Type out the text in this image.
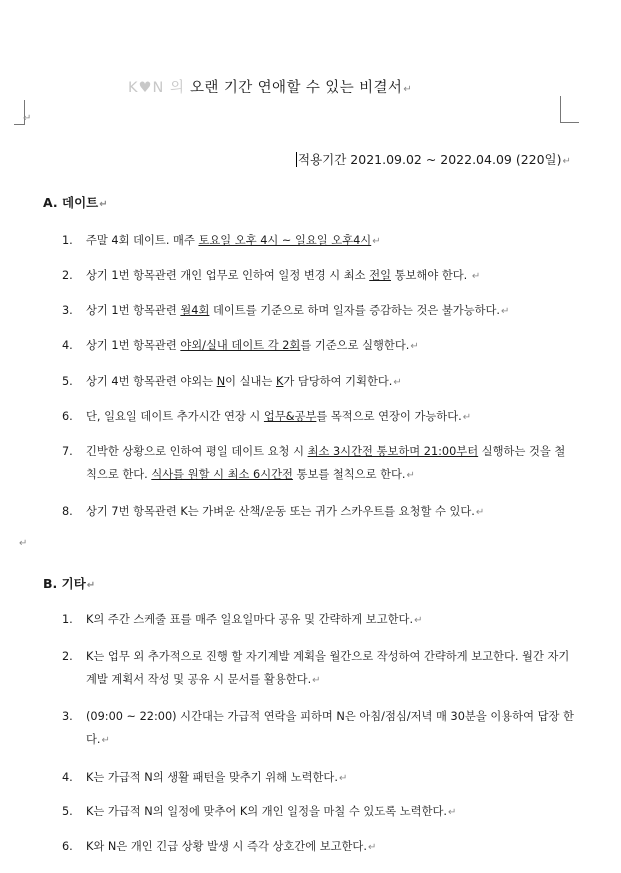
K♥N 의 오랜 기간 연애할 수 있는 비결서↵
↵
적용기간 2021.09.02 ~ 2022.04.09 (220일)↵
A. 데이트↵
1. 주말 4회 데이트. 매주 토요일 오후 4시 ~ 일요일 오후4시↵
2. 상기 1번 항목관련 개인 업무로 인하여 일정 변경 시 최소 전일 통보해야 한다. ↵
3. 상기 1번 항목관련 월4회 데이트를 기준으로 하며 일자를 증감하는 것은 불가능하다.↵
4. 상기 1번 항목관련 야외/실내 데이트 각 2회를 기준으로 실행한다.↵
5. 상기 4번 항목관련 야외는 N이 실내는 K가 담당하여 기획한다.↵
6. 단, 일요일 데이트 추가시간 연장 시 업무&공부를 목적으로 연장이 가능하다.↵
7. 긴박한 상황으로 인하여 평일 데이트 요청 시 최소 3시간전 통보하며 21:00부터 실행하는 것을 철칙으로 한다. 식사를 원할 시 최소 6시간전 통보를 철칙으로 한다.↵
8. 상기 7번 항목관련 K는 가벼운 산책/운동 또는 귀가 스카우트를 요청할 수 있다.↵
↵
B. 기타↵
1. K의 주간 스케줄 표를 매주 일요일마다 공유 및 간략하게 보고한다.↵
2. K는 업무 외 추가적으로 진행 할 자기계발 계획을 월간으로 작성하여 간략하게 보고한다. 월간 자기계발 계획서 작성 및 공유 시 문서를 활용한다.↵
3. (09:00 ~ 22:00) 시간대는 가급적 연락을 피하며 N은 아침/점심/저녁 매 30분을 이용하여 답장 한다.↵
4. K는 가급적 N의 생활 패턴을 맞추기 위해 노력한다.↵
5. K는 가급적 N의 일정에 맞추어 K의 개인 일정을 마칠 수 있도록 노력한다.↵
6. K와 N은 개인 긴급 상황 발생 시 즉각 상호간에 보고한다.↵
